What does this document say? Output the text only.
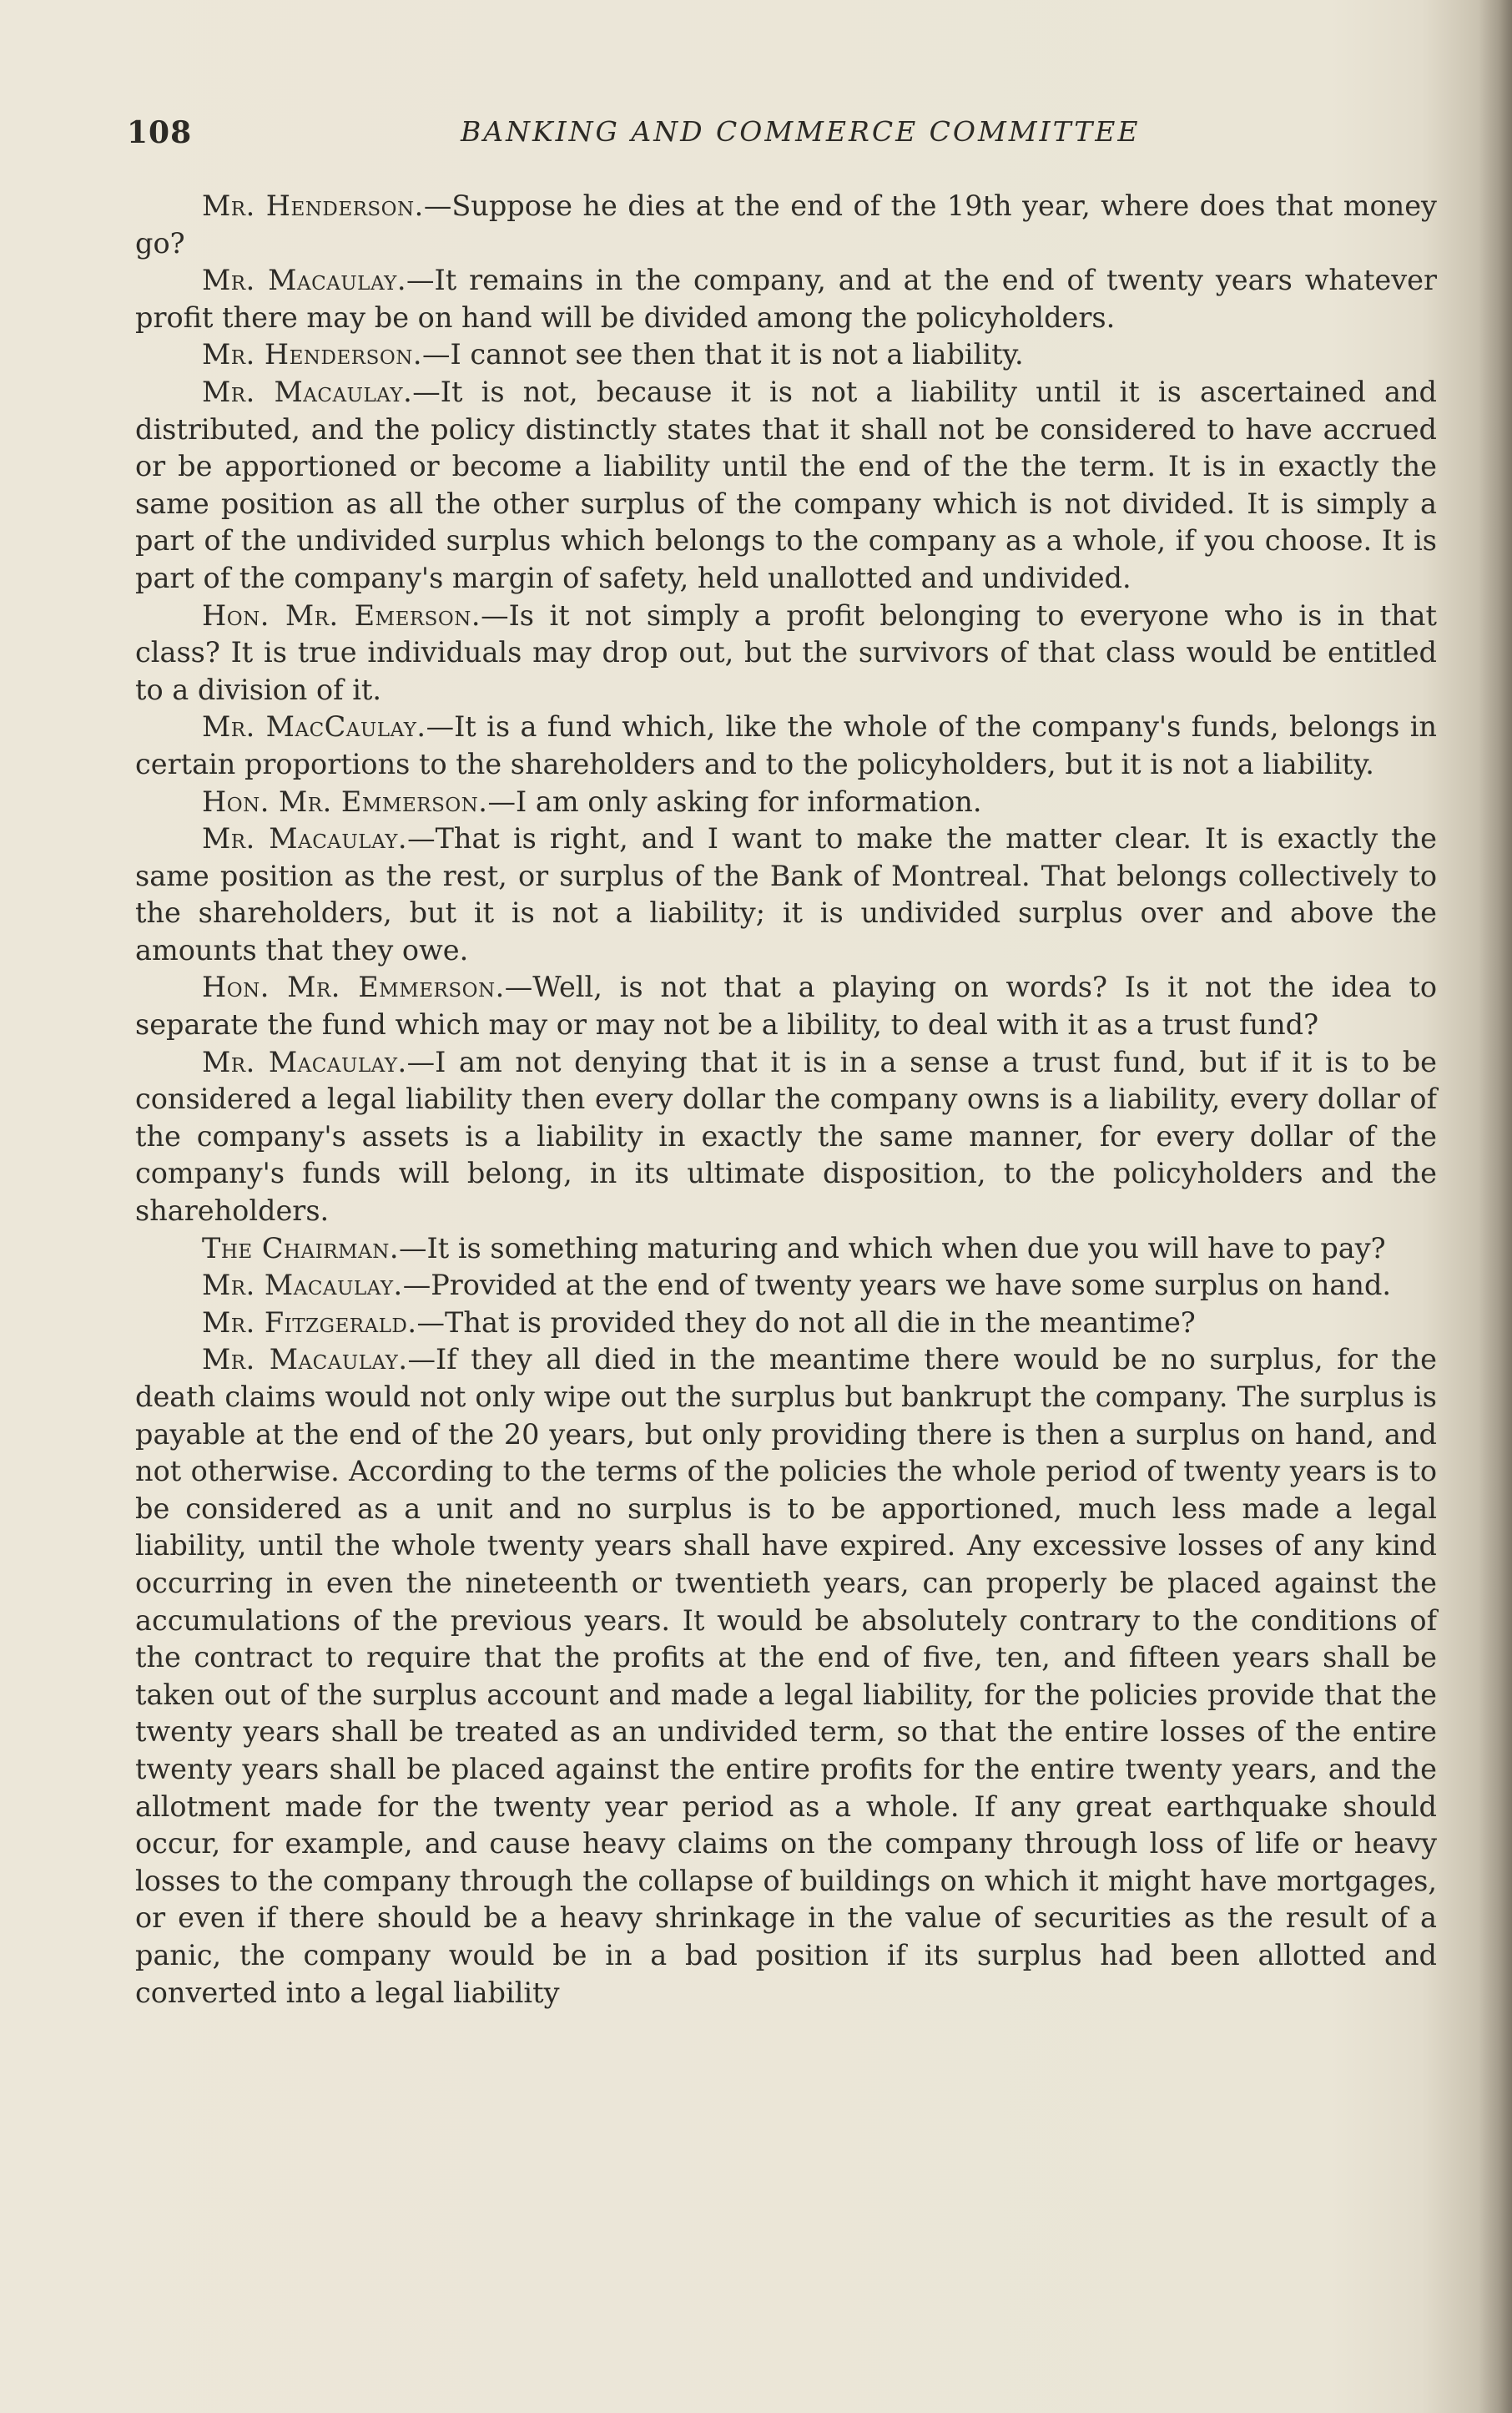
108	BANKING AND COMMERCE COMMITTEE

Mr. Henderson.—Suppose he dies at the end of the 19th year, where does that money go?

Mr. Macaulay.—It remains in the company, and at the end of twenty years whatever profit there may be on hand will be divided among the policyholders.

Mr. Henderson.—I cannot see then that it is not a liability.

Mr. Macaulay.—It is not, because it is not a liability until it is ascertained and distributed, and the policy distinctly states that it shall not be considered to have accrued or be apportioned or become a liability until the end of the the term. It is in exactly the same position as all the other surplus of the company which is not divided. It is simply a part of the undivided surplus which belongs to the company as a whole, if you choose. It is part of the company's margin of safety, held unallotted and undivided.

Hon. Mr. Emerson.—Is it not simply a profit belonging to everyone who is in that class? It is true individuals may drop out, but the survivors of that class would be entitled to a division of it.

Mr. MacCaulay.—It is a fund which, like the whole of the company's funds, belongs in certain proportions to the shareholders and to the policyholders, but it is not a liability.

Hon. Mr. Emmerson.—I am only asking for information.

Mr. Macaulay.—That is right, and I want to make the matter clear. It is exactly the same position as the rest, or surplus of the Bank of Montreal. That belongs collectively to the shareholders, but it is not a liability; it is undivided surplus over and above the amounts that they owe.

Hon. Mr. Emmerson.—Well, is not that a playing on words? Is it not the idea to separate the fund which may or may not be a libility, to deal with it as a trust fund?

Mr. Macaulay.—I am not denying that it is in a sense a trust fund, but if it is to be considered a legal liability then every dollar the company owns is a liability, every dollar of the company's assets is a liability in exactly the same manner, for every dollar of the company's funds will belong, in its ultimate disposition, to the policyholders and the shareholders.

The Chairman.—It is something maturing and which when due you will have to pay?

Mr. Macaulay.—Provided at the end of twenty years we have some surplus on hand.

Mr. Fitzgerald.—That is provided they do not all die in the meantime?

Mr. Macaulay.—If they all died in the meantime there would be no surplus, for the death claims would not only wipe out the surplus but bankrupt the company. The surplus is payable at the end of the 20 years, but only providing there is then a surplus on hand, and not otherwise. According to the terms of the policies the whole period of twenty years is to be considered as a unit and no surplus is to be apportioned, much less made a legal liability, until the whole twenty years shall have expired. Any excessive losses of any kind occurring in even the nineteenth or twentieth years, can properly be placed against the accumulations of the previous years. It would be absolutely contrary to the conditions of the contract to require that the profits at the end of five, ten, and fifteen years shall be taken out of the surplus account and made a legal liability, for the policies provide that the twenty years shall be treated as an undivided term, so that the entire losses of the entire twenty years shall be placed against the entire profits for the entire twenty years, and the allotment made for the twenty year period as a whole. If any great earthquake should occur, for example, and cause heavy claims on the company through loss of life or heavy losses to the company through the collapse of buildings on which it might have mortgages, or even if there should be a heavy shrinkage in the value of securities as the result of a panic, the company would be in a bad position if its surplus had been allotted and converted into a legal liability
